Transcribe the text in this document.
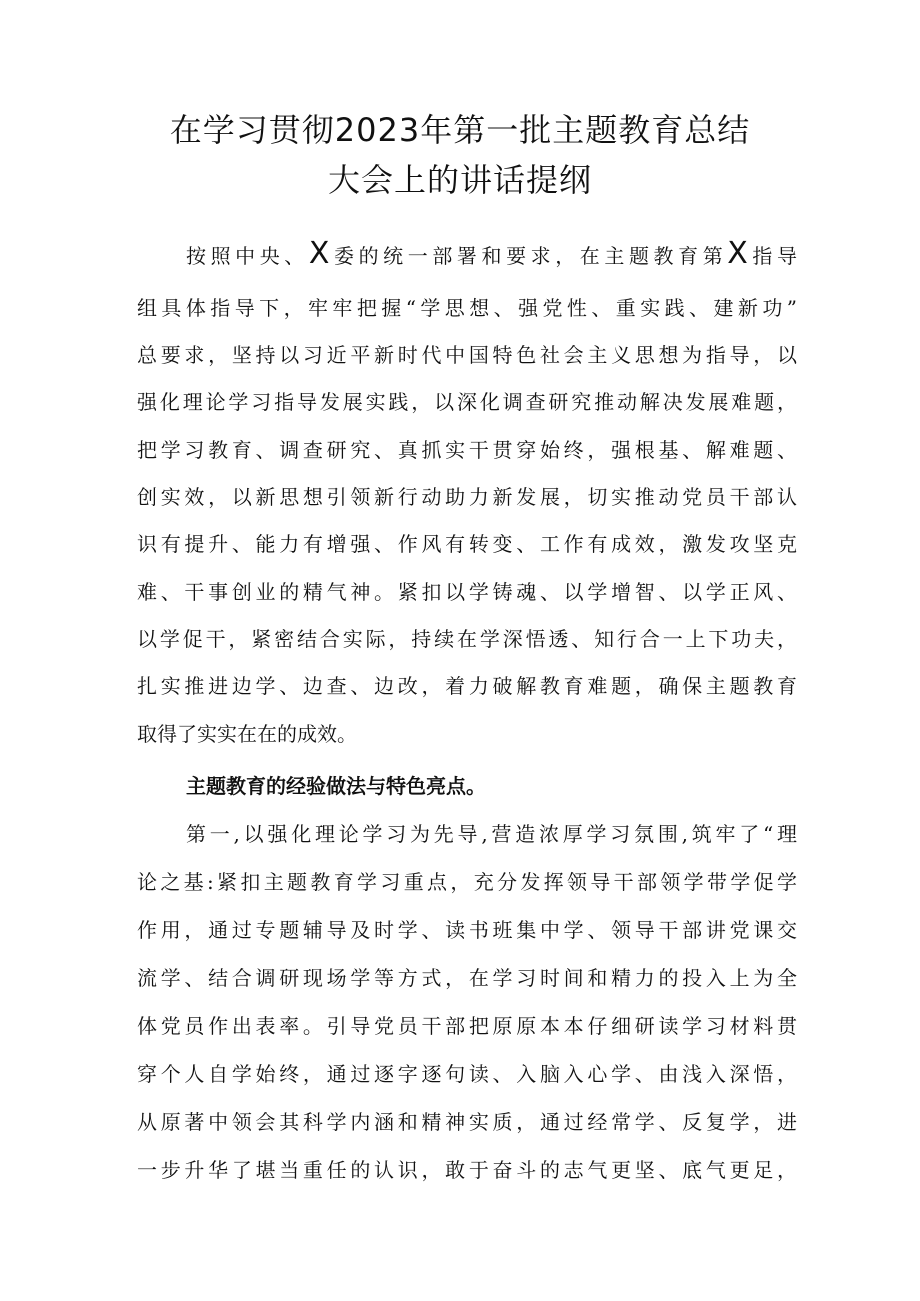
在学习贯彻2023年第一批主题教育总结
大会上的讲话提纲
按照中央、X委的统一部署和要求，在主题教育第X指导
组具体指导下，牢牢把握“学思想、强党性、重实践、建新功”
总要求，坚持以习近平新时代中国特色社会主义思想为指导，以
强化理论学习指导发展实践，以深化调查研究推动解决发展难题，
把学习教育、调查研究、真抓实干贯穿始终，强根基、解难题、
创实效，以新思想引领新行动助力新发展，切实推动党员干部认
识有提升、能力有增强、作风有转变、工作有成效，激发攻坚克
难、干事创业的精气神。紧扣以学铸魂、以学增智、以学正风、
以学促干，紧密结合实际，持续在学深悟透、知行合一上下功夫，
扎实推进边学、边查、边改，着力破解教育难题，确保主题教育
取得了实实在在的成效。
主题教育的经验做法与特色亮点。
第一,以强化理论学习为先导,营造浓厚学习氛围,筑牢了“理
论之基:紧扣主题教育学习重点，充分发挥领导干部领学带学促学
作用，通过专题辅导及时学、读书班集中学、领导干部讲党课交
流学、结合调研现场学等方式，在学习时间和精力的投入上为全
体党员作出表率。引导党员干部把原原本本仔细研读学习材料贯
穿个人自学始终，通过逐字逐句读、入脑入心学、由浅入深悟，
从原著中领会其科学内涵和精神实质，通过经常学、反复学，进
一步升华了堪当重任的认识，敢于奋斗的志气更坚、底气更足，
